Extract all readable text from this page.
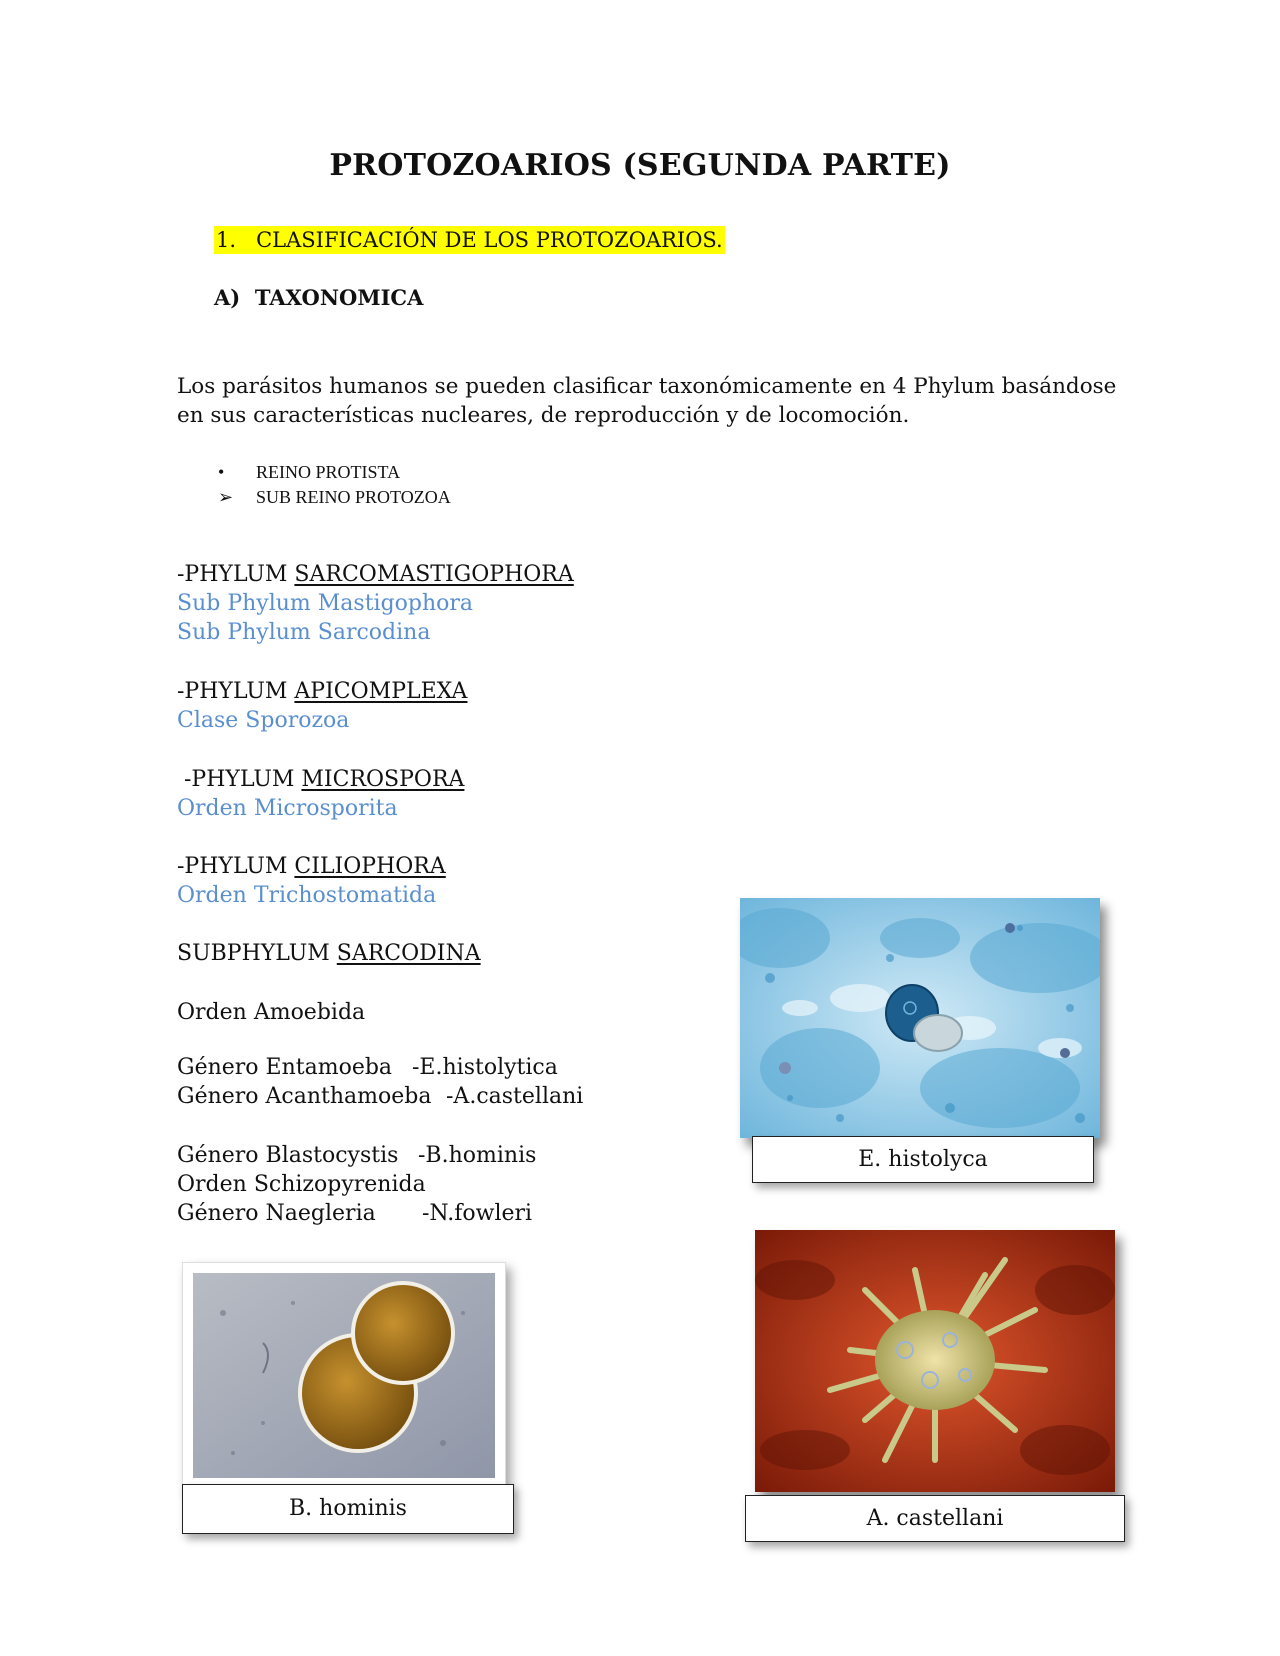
PROTOZOARIOS (SEGUNDA PARTE)
1. CLASIFICACIÓN DE LOS PROTOZOARIOS.
A) TAXONOMICA
Los parásitos humanos se pueden clasificar taxonómicamente en 4 Phylum basándose en sus características nucleares, de reproducción y de locomoción.
• REINO PROTISTA
➢ SUB REINO PROTOZOA
-PHYLUM SARCOMASTIGOPHORA
Sub Phylum Mastigophora
Sub Phylum Sarcodina
-PHYLUM APICOMPLEXA
Clase Sporozoa
-PHYLUM MICROSPORA
Orden Microsporita
-PHYLUM CILIOPHORA
Orden Trichostomatida
SUBPHYLUM SARCODINA
Orden Amoebida
Género Entamoeba -E.histolytica
Género Acanthamoeba -A.castellani
Género Blastocystis -B.hominis
Orden Schizopyrenida
Género Naegleria -N.fowleri
E. histolyca
B. hominis	A. castellani
